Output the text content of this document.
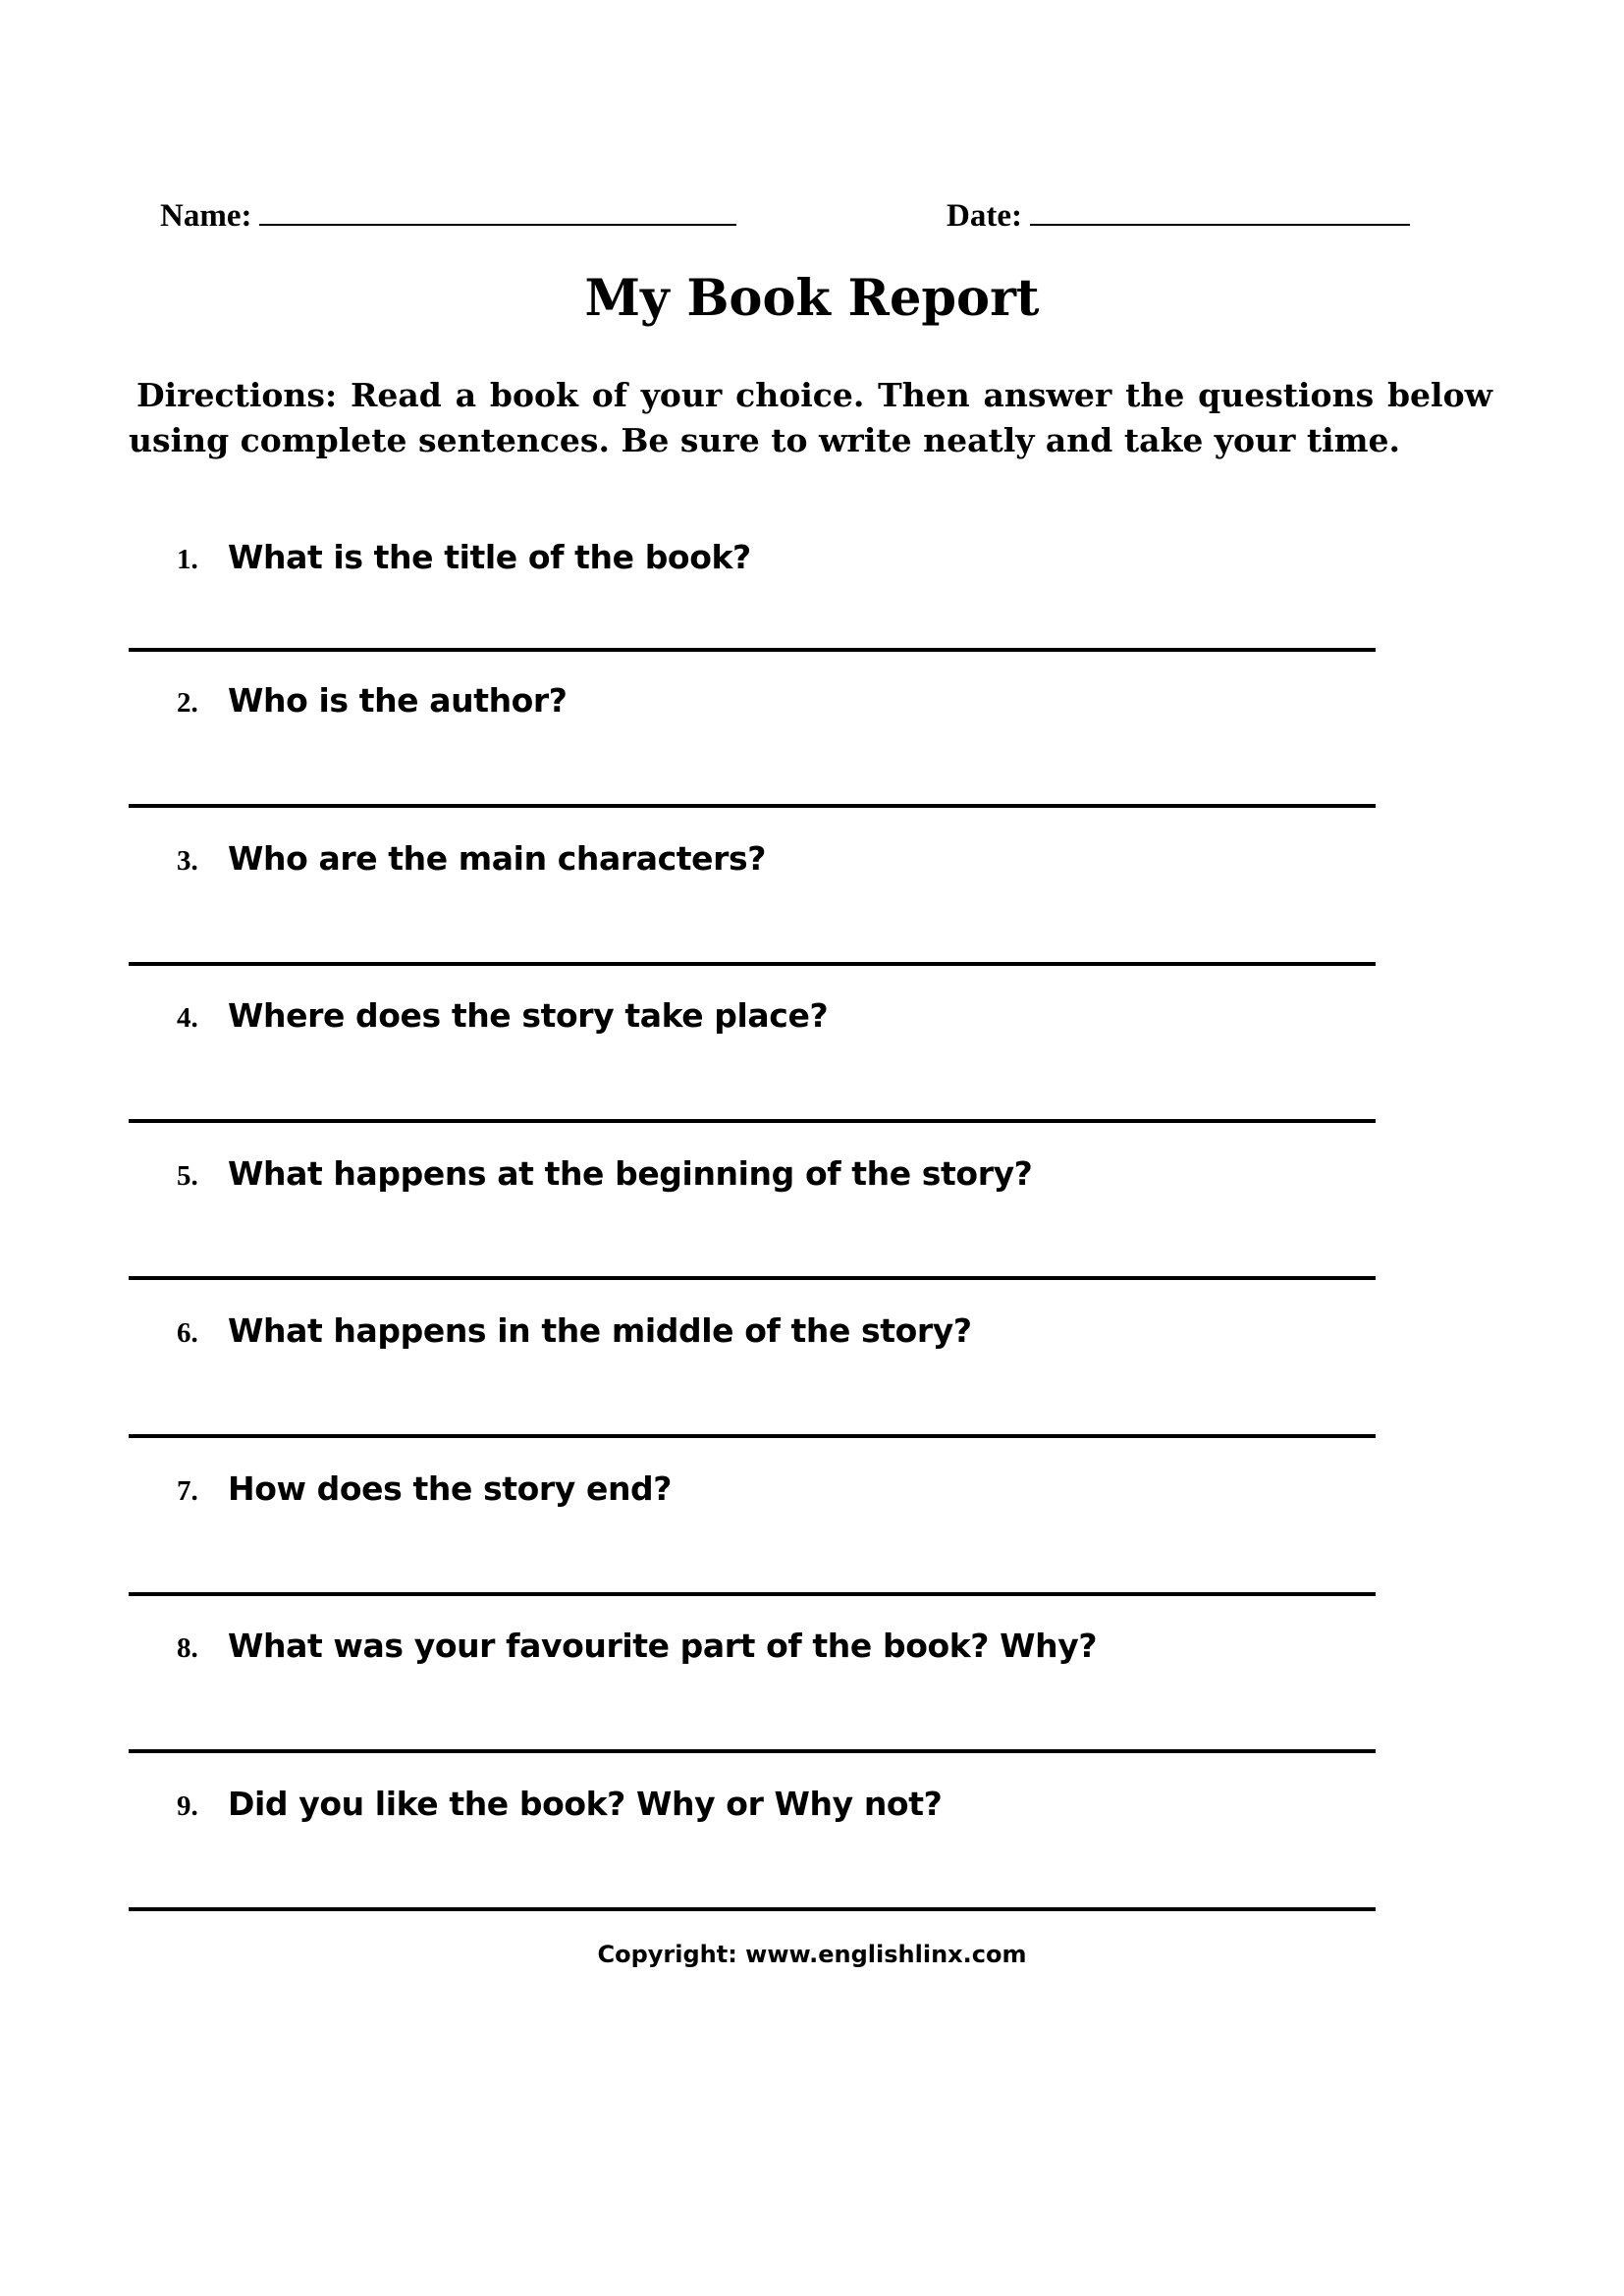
Name:	Date:
My Book Report

Directions: Read a book of your choice. Then answer the questions below using complete sentences. Be sure to write neatly and take your time.

1. What is the title of the book?
2. Who is the author?
3. Who are the main characters?
4. Where does the story take place?
5. What happens at the beginning of the story?
6. What happens in the middle of the story?
7. How does the story end?
8. What was your favourite part of the book? Why?
9. Did you like the book? Why or Why not?
Copyright: www.englishlinx.com
